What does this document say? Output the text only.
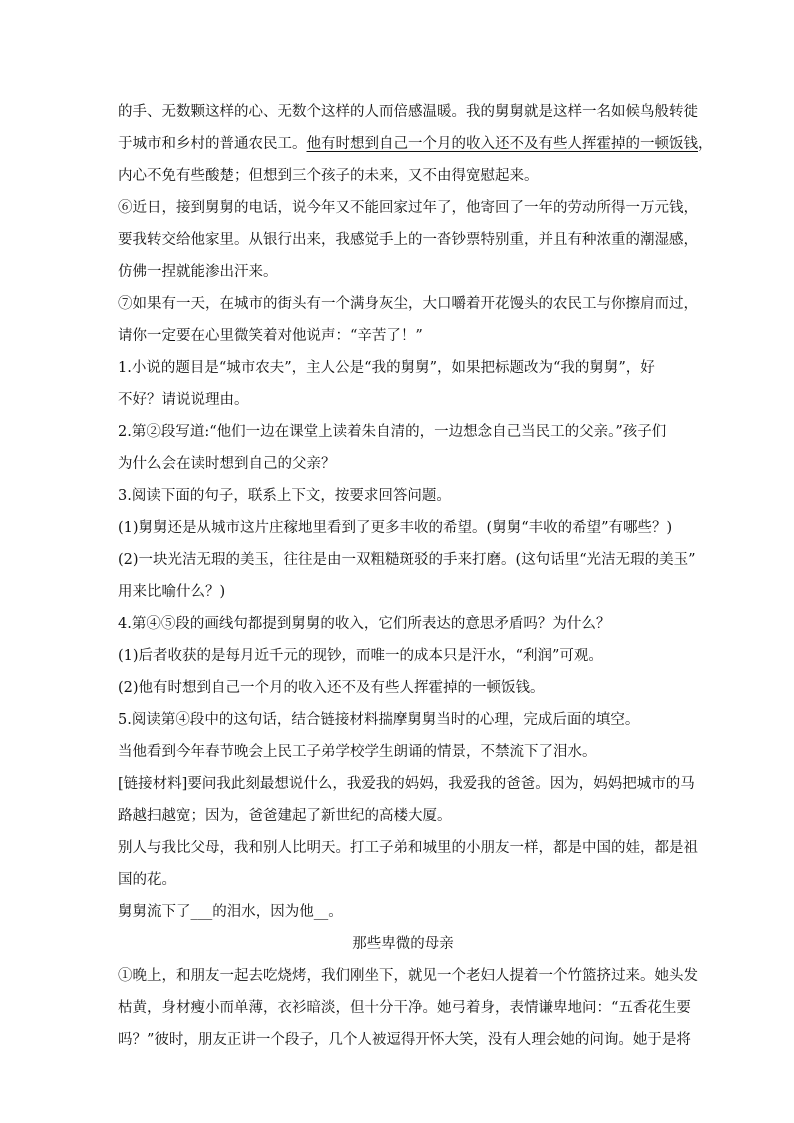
的手、无数颗这样的心、无数个这样的人而倍感温暖。我的舅舅就是这样一名如候鸟般转徙
于城市和乡村的普通农民工。他有时想到自己一个月的收入还不及有些人挥霍掉的一顿饭钱，
内心不免有些酸楚；但想到三个孩子的未来，又不由得宽慰起来。
⑥近日，接到舅舅的电话，说今年又不能回家过年了，他寄回了一年的劳动所得一万元钱，
要我转交给他家里。从银行出来，我感觉手上的一沓钞票特别重，并且有种浓重的潮湿感，
仿佛一捏就能渗出汗来。
⑦如果有一天，在城市的街头有一个满身灰尘，大口嚼着开花馒头的农民工与你擦肩而过，
请你一定要在心里微笑着对他说声：“辛苦了！”
1.小说的题目是“城市农夫”，主人公是“我的舅舅”，如果把标题改为“我的舅舅”，好
不好？请说说理由。
2.第②段写道:“他们一边在课堂上读着朱自清的，一边想念自己当民工的父亲。”孩子们
为什么会在读时想到自己的父亲？
3.阅读下面的句子，联系上下文，按要求回答问题。
(1)舅舅还是从城市这片庄稼地里看到了更多丰收的希望。(舅舅“丰收的希望”有哪些？)
(2)一块光洁无瑕的美玉，往往是由一双粗糙斑驳的手来打磨。(这句话里“光洁无瑕的美玉”
用来比喻什么？)
4.第④⑤段的画线句都提到舅舅的收入，它们所表达的意思矛盾吗？为什么？
(1)后者收获的是每月近千元的现钞，而唯一的成本只是汗水，“利润”可观。
(2)他有时想到自己一个月的收入还不及有些人挥霍掉的一顿饭钱。
5.阅读第④段中的这句话，结合链接材料揣摩舅舅当时的心理，完成后面的填空。
当他看到今年春节晚会上民工子弟学校学生朗诵的情景，不禁流下了泪水。
[链接材料]要问我此刻最想说什么，我爱我的妈妈，我爱我的爸爸。因为，妈妈把城市的马
路越扫越宽；因为，爸爸建起了新世纪的高楼大厦。
别人与我比父母，我和别人比明天。打工子弟和城里的小朋友一样，都是中国的娃，都是祖
国的花。
舅舅流下了___的泪水，因为他__。
那些卑微的母亲
①晚上，和朋友一起去吃烧烤，我们刚坐下，就见一个老妇人提着一个竹篮挤过来。她头发
枯黄，身材瘦小而单薄，衣衫暗淡，但十分干净。她弓着身，表情谦卑地问：“五香花生要
吗？”彼时，朋友正讲一个段子，几个人被逗得开怀大笑，没有人理会她的问询。她于是将
